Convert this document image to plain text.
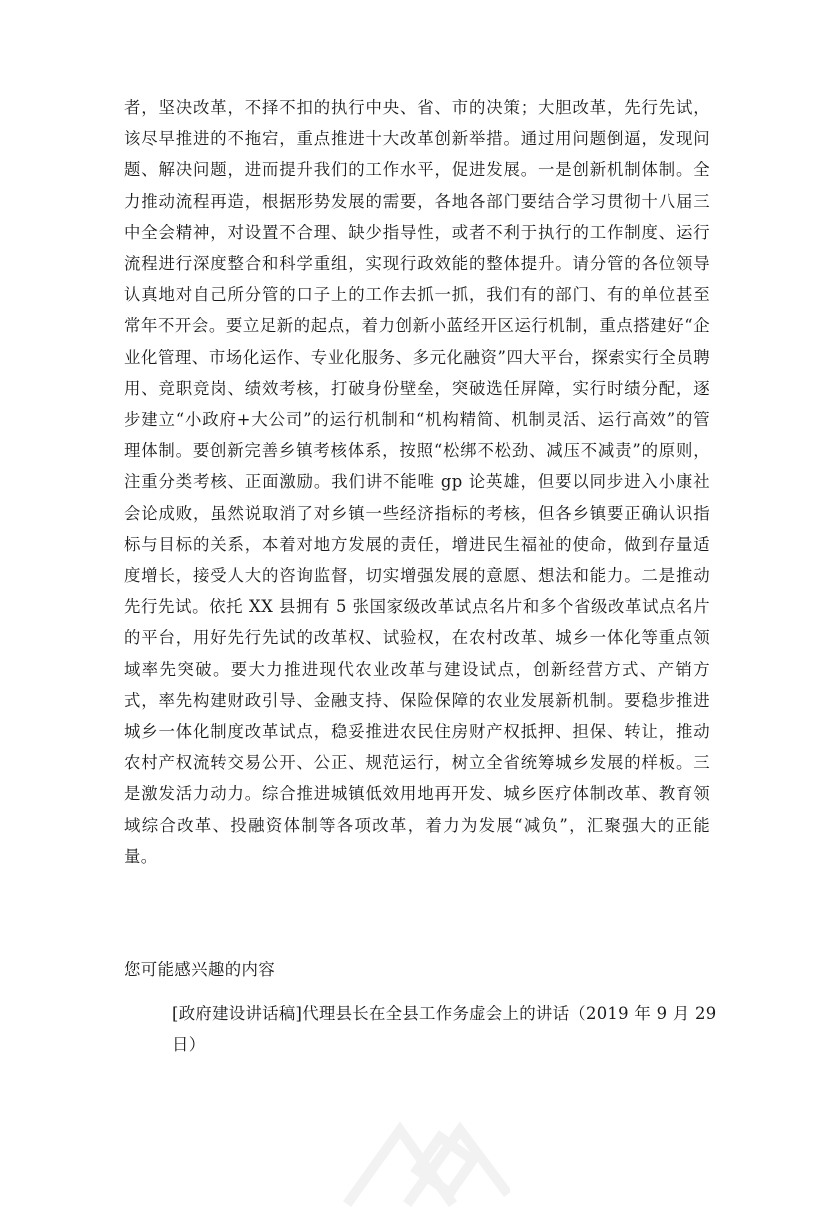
者，坚决改革，不择不扣的执行中央、省、市的决策；大胆改革，先行先试，该尽早推进的不拖宕，重点推进十大改革创新举措。通过用问题倒逼，发现问题、解决问题，进而提升我们的工作水平，促进发展。一是创新机制体制。全力推动流程再造，根据形势发展的需要，各地各部门要结合学习贯彻十八届三中全会精神，对设置不合理、缺少指导性，或者不利于执行的工作制度、运行流程进行深度整合和科学重组，实现行政效能的整体提升。请分管的各位领导认真地对自己所分管的口子上的工作去抓一抓，我们有的部门、有的单位甚至常年不开会。要立足新的起点，着力创新小蓝经开区运行机制，重点搭建好“企业化管理、市场化运作、专业化服务、多元化融资”四大平台，探索实行全员聘用、竞职竞岗、绩效考核，打破身份壁垒，突破选任屏障，实行时绩分配，逐步建立“小政府+大公司”的运行机制和“机构精简、机制灵活、运行高效”的管理体制。要创新完善乡镇考核体系，按照“松绑不松劲、减压不减责”的原则，注重分类考核、正面激励。我们讲不能唯 gp 论英雄，但要以同步进入小康社会论成败，虽然说取消了对乡镇一些经济指标的考核，但各乡镇要正确认识指标与目标的关系，本着对地方发展的责任，增进民生福祉的使命，做到存量适度增长，接受人大的咨询监督，切实增强发展的意愿、想法和能力。二是推动先行先试。依托 XX 县拥有 5 张国家级改革试点名片和多个省级改革试点名片的平台，用好先行先试的改革权、试验权，在农村改革、城乡一体化等重点领域率先突破。要大力推进现代农业改革与建设试点，创新经营方式、产销方式，率先构建财政引导、金融支持、保险保障的农业发展新机制。要稳步推进城乡一体化制度改革试点，稳妥推进农民住房财产权抵押、担保、转让，推动农村产权流转交易公开、公正、规范运行，树立全省统筹城乡发展的样板。三是激发活力动力。综合推进城镇低效用地再开发、城乡医疗体制改革、教育领域综合改革、投融资体制等各项改革，着力为发展“减负”，汇聚强大的正能量。

您可能感兴趣的内容
[政府建设讲话稿]代理县长在全县工作务虚会上的讲话（2019 年 9 月 29 日）
